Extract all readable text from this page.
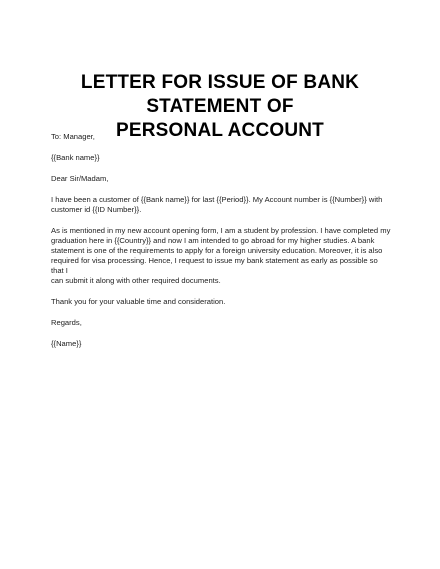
LETTER FOR ISSUE OF BANK STATEMENT OF
PERSONAL ACCOUNT

To: Manager,

{{Bank name}}

Dear Sir/Madam,

I have been a customer of {{Bank name}} for last {{Period}}. My Account number is {{Number}} with
customer id {{ID Number}}.

As is mentioned in my new account opening form, I am a student by profession. I have completed my
graduation here in {{Country}} and now I am intended to go abroad for my higher studies. A bank
statement is one of the requirements to apply for a foreign university education. Moreover, it is also
required for visa processing. Hence, I request to issue my bank statement as early as possible so that I
can submit it along with other required documents.

Thank you for your valuable time and consideration.

Regards,

{{Name}}
